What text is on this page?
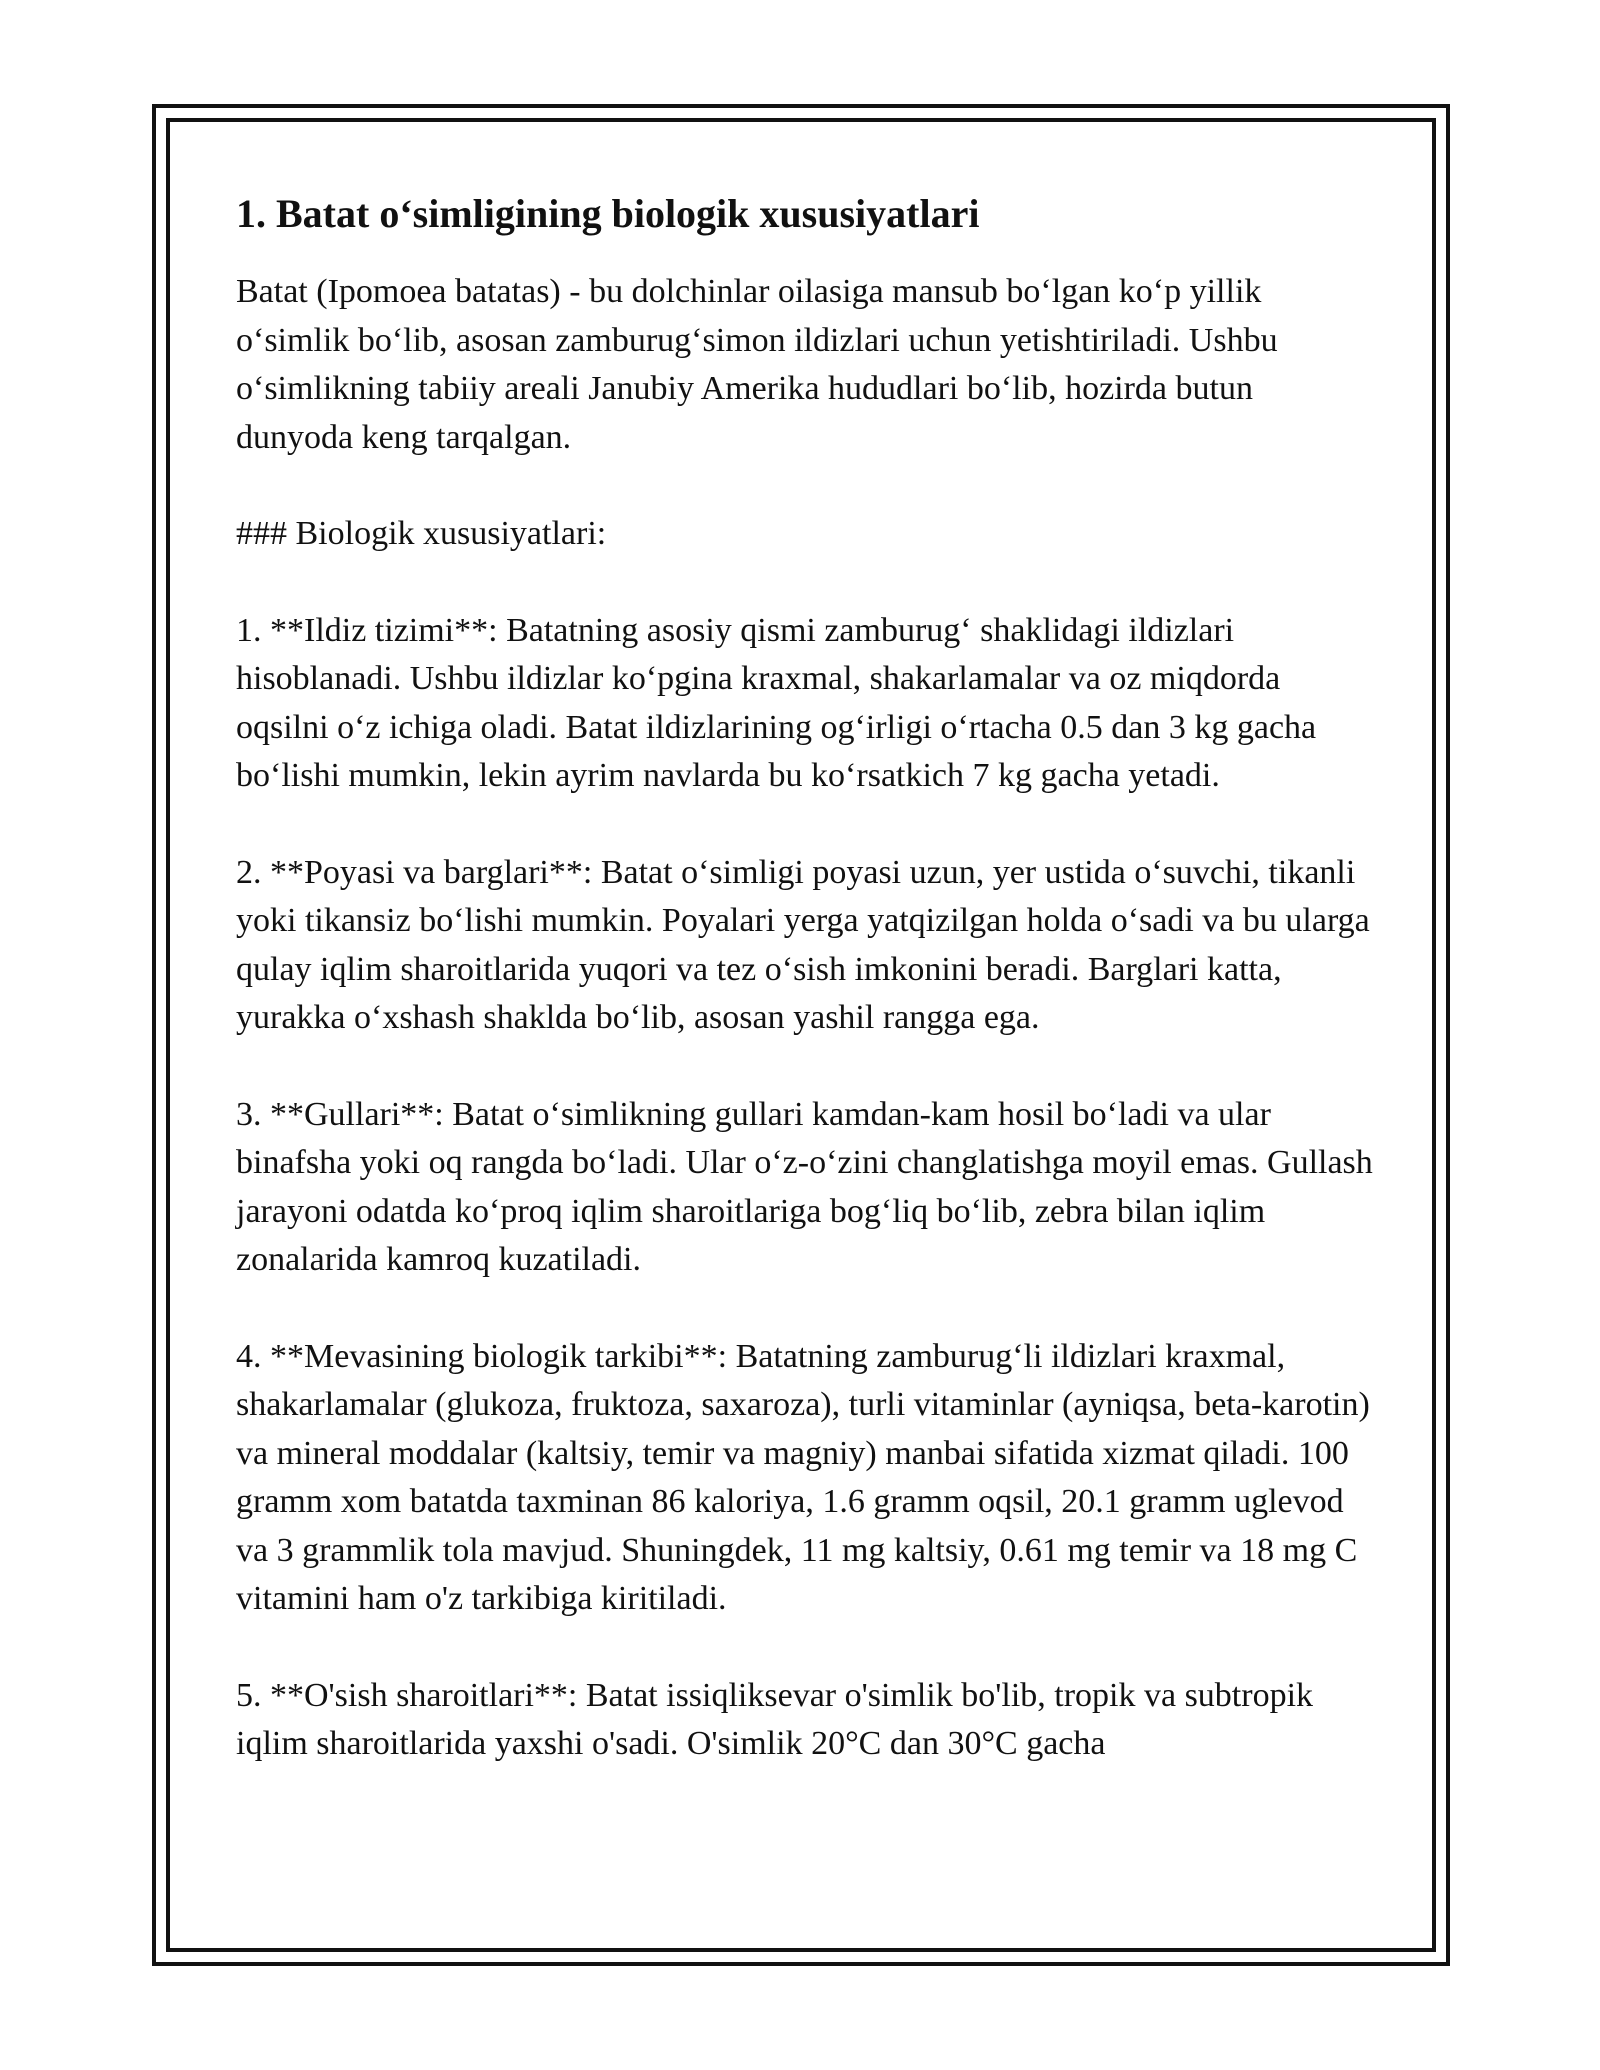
1. Batat o‘simligining biologik xususiyatlari

Batat (Ipomoea batatas) - bu dolchinlar oilasiga mansub bo‘lgan ko‘p yillik o‘simlik bo‘lib, asosan zamburug‘simon ildizlari uchun yetishtiriladi. Ushbu o‘simlikning tabiiy areali Janubiy Amerika hududlari bo‘lib, hozirda butun dunyoda keng tarqalgan.

### Biologik xususiyatlari:

1. **Ildiz tizimi**: Batatning asosiy qismi zamburug‘ shaklidagi ildizlari hisoblanadi. Ushbu ildizlar ko‘pgina kraxmal, shakarlamalar va oz miqdorda oqsilni o‘z ichiga oladi. Batat ildizlarining og‘irligi o‘rtacha 0.5 dan 3 kg gacha bo‘lishi mumkin, lekin ayrim navlarda bu ko‘rsatkich 7 kg gacha yetadi.

2. **Poyasi va barglari**: Batat o‘simligi poyasi uzun, yer ustida o‘suvchi, tikanli yoki tikansiz bo‘lishi mumkin. Poyalari yerga yatqizilgan holda o‘sadi va bu ularga qulay iqlim sharoitlarida yuqori va tez o‘sish imkonini beradi. Barglari katta, yurakka o‘xshash shaklda bo‘lib, asosan yashil rangga ega.

3. **Gullari**: Batat o‘simlikning gullari kamdan-kam hosil bo‘ladi va ular binafsha yoki oq rangda bo‘ladi. Ular o‘z-o‘zini changlatishga moyil emas. Gullash jarayoni odatda ko‘proq iqlim sharoitlariga bog‘liq bo‘lib, zebra bilan iqlim zonalarida kamroq kuzatiladi.

4. **Mevasining biologik tarkibi**: Batatning zamburug‘li ildizlari kraxmal, shakarlamalar (glukoza, fruktoza, saxaroza), turli vitaminlar (ayniqsa, beta-karotin) va mineral moddalar (kaltsiy, temir va magniy) manbai sifatida xizmat qiladi. 100 gramm xom batatda taxminan 86 kaloriya, 1.6 gramm oqsil, 20.1 gramm uglevod va 3 grammlik tola mavjud. Shuningdek, 11 mg kaltsiy, 0.61 mg temir va 18 mg C vitamini ham o'z tarkibiga kiritiladi.

5. **O'sish sharoitlari**: Batat issiqliksevar o'simlik bo'lib, tropik va subtropik iqlim sharoitlarida yaxshi o'sadi. O'simlik 20°C dan 30°C gacha
